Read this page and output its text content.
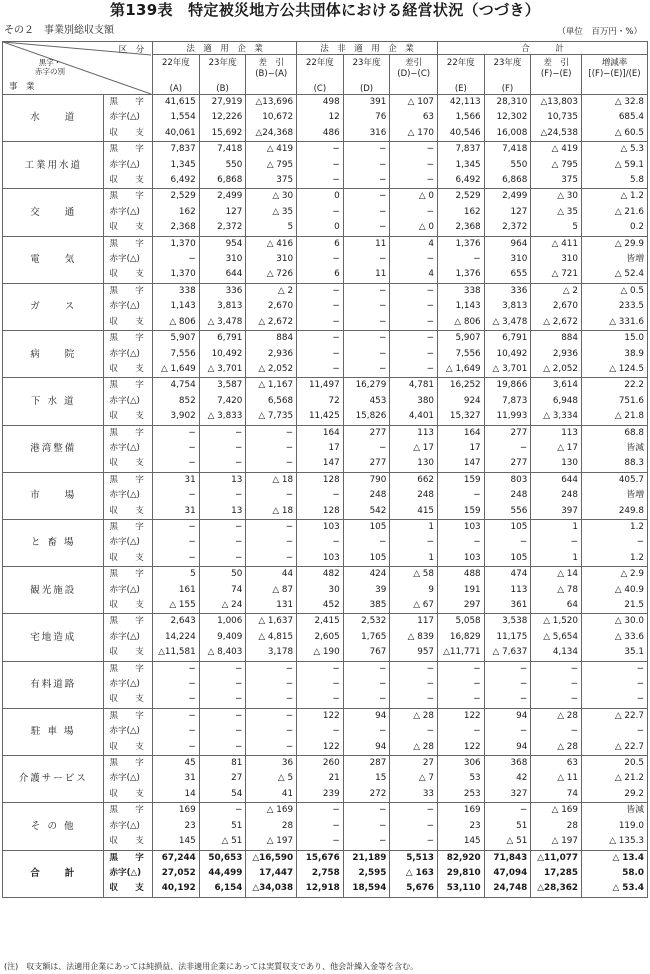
第139表　特定被災地方公共団体における経営状況（つづき）
その２　事業別総収支額	（単位　百万円・%）
区　分
黒字・
赤字の別
事　業		法　適　用　企　業			法　非　適　用　企　業			合　　　計			
		22年度	23年度	差　引	22年度	23年度	差引	22年度	23年度	差　引	増減率
		(A)	(B)	(B)−(A)	(C)	(D)	(D)−(C)	(E)	(F)	(F)−(E)	[(F)−(E)]/(E)
水　　道	黒　　字	41,615	27,919	△13,696	498	391	△ 107	42,113	28,310	△13,803	△ 32.8
	赤字(△)	1,554	12,226	10,672	12	76	63	1,566	12,302	10,735	685.4
	収　　支	40,061	15,692	△24,368	486	316	△ 170	40,546	16,008	△24,538	△ 60.5
工業用水道	黒　　字	7,837	7,418	△ 419	−	−	−	7,837	7,418	△ 419	△ 5.3
	赤字(△)	1,345	550	△ 795	−	−	−	1,345	550	△ 795	△ 59.1
	収　　支	6,492	6,868	375	−	−	−	6,492	6,868	375	5.8
交　　通	黒　　字	2,529	2,499	△ 30	0	−	△ 0	2,529	2,499	△ 30	△ 1.2
	赤字(△)	162	127	△ 35	−	−	−	162	127	△ 35	△ 21.6
	収　　支	2,368	2,372	5	0	−	△ 0	2,368	2,372	5	0.2
電　　気	黒　　字	1,370	954	△ 416	6	11	4	1,376	964	△ 411	△ 29.9
	赤字(△)	−	310	310	−	−	−	−	310	310	皆増
	収　　支	1,370	644	△ 726	6	11	4	1,376	655	△ 721	△ 52.4
ガ　　ス	黒　　字	338	336	△ 2	−	−	−	338	336	△ 2	△ 0.5
	赤字(△)	1,143	3,813	2,670	−	−	−	1,143	3,813	2,670	233.5
	収　　支	△ 806	△ 3,478	△ 2,672	−	−	−	△ 806	△ 3,478	△ 2,672	△ 331.6
病　　院	黒　　字	5,907	6,791	884	−	−	−	5,907	6,791	884	15.0
	赤字(△)	7,556	10,492	2,936	−	−	−	7,556	10,492	2,936	38.9
	収　　支	△ 1,649	△ 3,701	△ 2,052	−	−	−	△ 1,649	△ 3,701	△ 2,052	△ 124.5
下 水 道	黒　　字	4,754	3,587	△ 1,167	11,497	16,279	4,781	16,252	19,866	3,614	22.2
	赤字(△)	852	7,420	6,568	72	453	380	924	7,873	6,948	751.6
	収　　支	3,902	△ 3,833	△ 7,735	11,425	15,826	4,401	15,327	11,993	△ 3,334	△ 21.8
港湾整備	黒　　字	−	−	−	164	277	113	164	277	113	68.8
	赤字(△)	−	−	−	17	−	△ 17	17	−	△ 17	皆減
	収　　支	−	−	−	147	277	130	147	277	130	88.3
市　　場	黒　　字	31	13	△ 18	128	790	662	159	803	644	405.7
	赤字(△)	−	−	−	−	248	248	−	248	248	皆増
	収　　支	31	13	△ 18	128	542	415	159	556	397	249.8
と 畜 場	黒　　字	−	−	−	103	105	1	103	105	1	1.2
	赤字(△)	−	−	−	−	−	−	−	−	−	−
	収　　支	−	−	−	103	105	1	103	105	1	1.2
観光施設	黒　　字	5	50	44	482	424	△ 58	488	474	△ 14	△ 2.9
	赤字(△)	161	74	△ 87	30	39	9	191	113	△ 78	△ 40.9
	収　　支	△ 155	△ 24	131	452	385	△ 67	297	361	64	21.5
宅地造成	黒　　字	2,643	1,006	△ 1,637	2,415	2,532	117	5,058	3,538	△ 1,520	△ 30.0
	赤字(△)	14,224	9,409	△ 4,815	2,605	1,765	△ 839	16,829	11,175	△ 5,654	△ 33.6
	収　　支	△11,581	△ 8,403	3,178	△ 190	767	957	△11,771	△ 7,637	4,134	35.1
有料道路	黒　　字	−	−	−	−	−	−	−	−	−	−
	赤字(△)	−	−	−	−	−	−	−	−	−	−
	収　　支	−	−	−	−	−	−	−	−	−	−
駐 車 場	黒　　字	−	−	−	122	94	△ 28	122	94	△ 28	△ 22.7
	赤字(△)	−	−	−	−	−	−	−	−	−	−
	収　　支	−	−	−	122	94	△ 28	122	94	△ 28	△ 22.7
介護サービス	黒　　字	45	81	36	260	287	27	306	368	63	20.5
	赤字(△)	31	27	△ 5	21	15	△ 7	53	42	△ 11	△ 21.2
	収　　支	14	54	41	239	272	33	253	327	74	29.2
そ の 他	黒　　字	169	−	△ 169	−	−	−	169	−	△ 169	皆減
	赤字(△)	23	51	28	−	−	−	23	51	28	119.0
	収　　支	145	△ 51	△ 197	−	−	−	145	△ 51	△ 197	△ 135.3
合　　計	黒　　字	67,244	50,653	△16,590	15,676	21,189	5,513	82,920	71,843	△11,077	△ 13.4
	赤字(△)	27,052	44,499	17,447	2,758	2,595	△ 163	29,810	47,094	17,285	58.0
	収　　支	40,192	6,154	△34,038	12,918	18,594	5,676	53,110	24,748	△28,362	△ 53.4
(注)　収支額は、法適用企業にあっては純損益、法非適用企業にあっては実質収支であり、他会計繰入金等を含む。
